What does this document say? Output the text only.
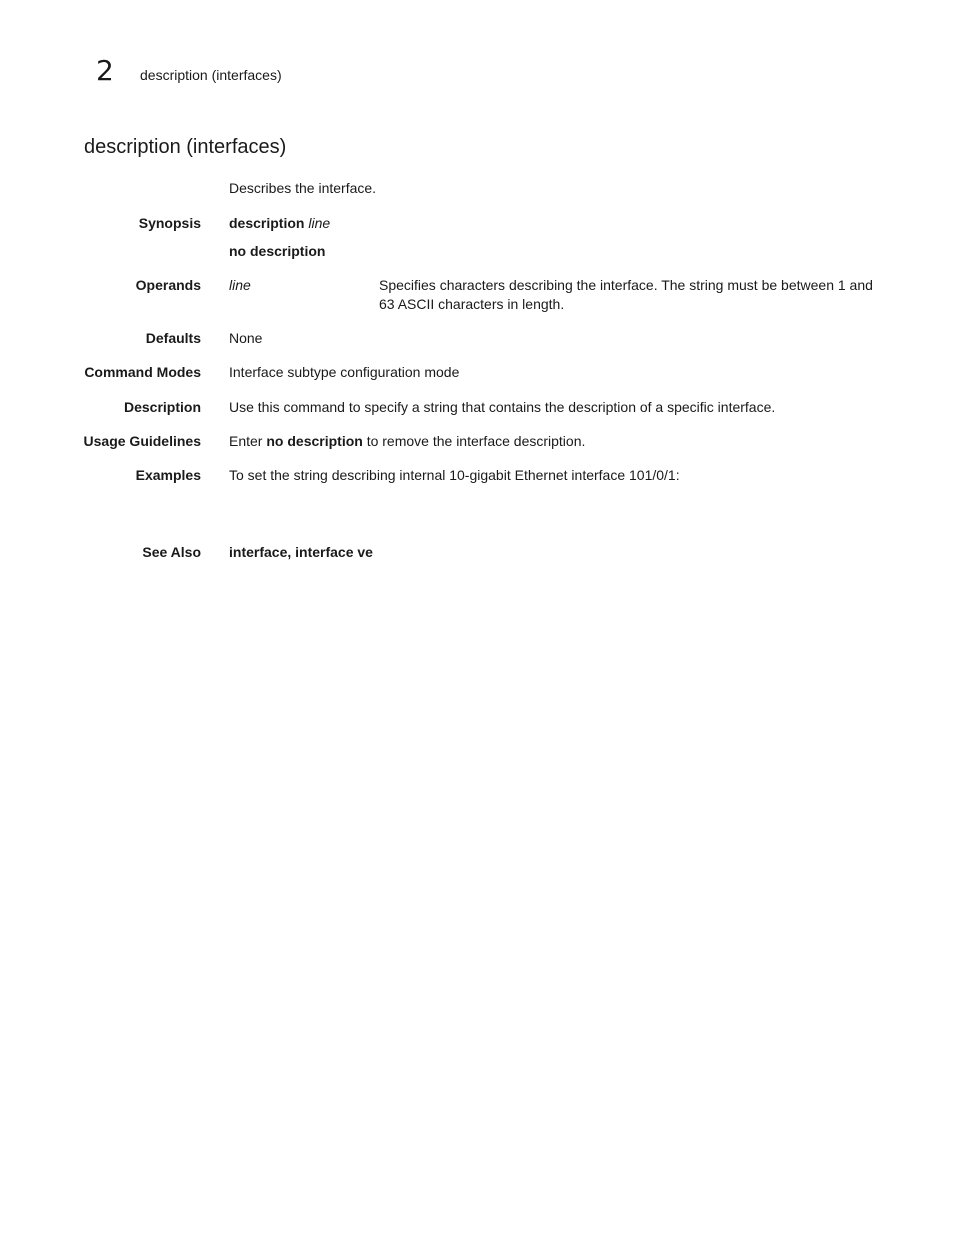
2	description (interfaces)
description (interfaces)
Describes the interface.
Synopsis description line
no description
Operands line	Specifies characters describing the interface. The string must be between 1 and 63 ASCII characters in length.
Defaults None
Command Modes Interface subtype configuration mode
Description Use this command to specify a string that contains the description of a specific interface.
Usage Guidelines Enter no description to remove the interface description.
Examples To set the string describing internal 10-gigabit Ethernet interface 101/0/1:
See Also interface, interface ve
